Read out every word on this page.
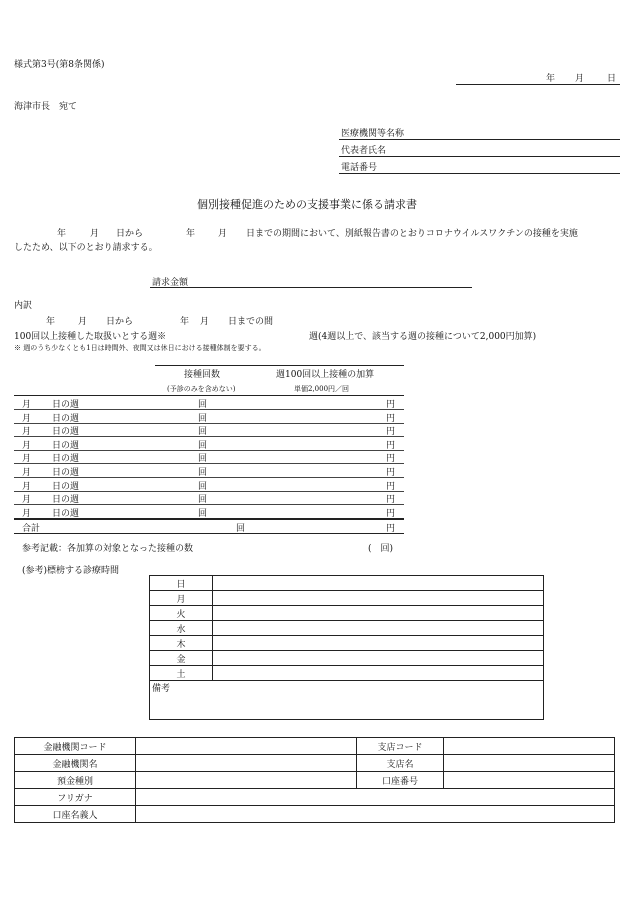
様式第3号(第8条関係)
年 月	日
海津市長　宛て
医療機関等名称
代表者氏名
電話番号
個別接種促進のための支援事業に係る請求書
年	月 日から	年	月 日までの期間において、別紙報告書のとおりコロナウイルスワクチンの接種を実施
したため、以下のとおり請求する。
請求金額
内訳
年	月 日から	年 月 日までの間
100回以上接種した取扱いとする週※	週(4週以上で、該当する週の接種について2,000円加算)
※ 週のうち少なくとも1日は時間外、夜間又は休日における接種体制を要する。
接種回数	週100回以上接種の加算
(予診のみを含めない)	単価2,000円／回
月 日の週	回	円
月 日の週	回	円
月 日の週	回	円
月 日の週	回	円
月 日の週	回	円
月 日の週	回	円
月 日の週	回	円
月 日の週	回	円
月 日の週	回	円
合計	回	円
参考記載：各加算の対象となった接種の数	(　回)
(参考)標榜する診療時間
日	
月	
火	
水	
木	
金	
土	
備考	
金融機関コード		支店コード	
金融機関名		支店名	
預金種別		口座番号	
フリガナ			
口座名義人			
